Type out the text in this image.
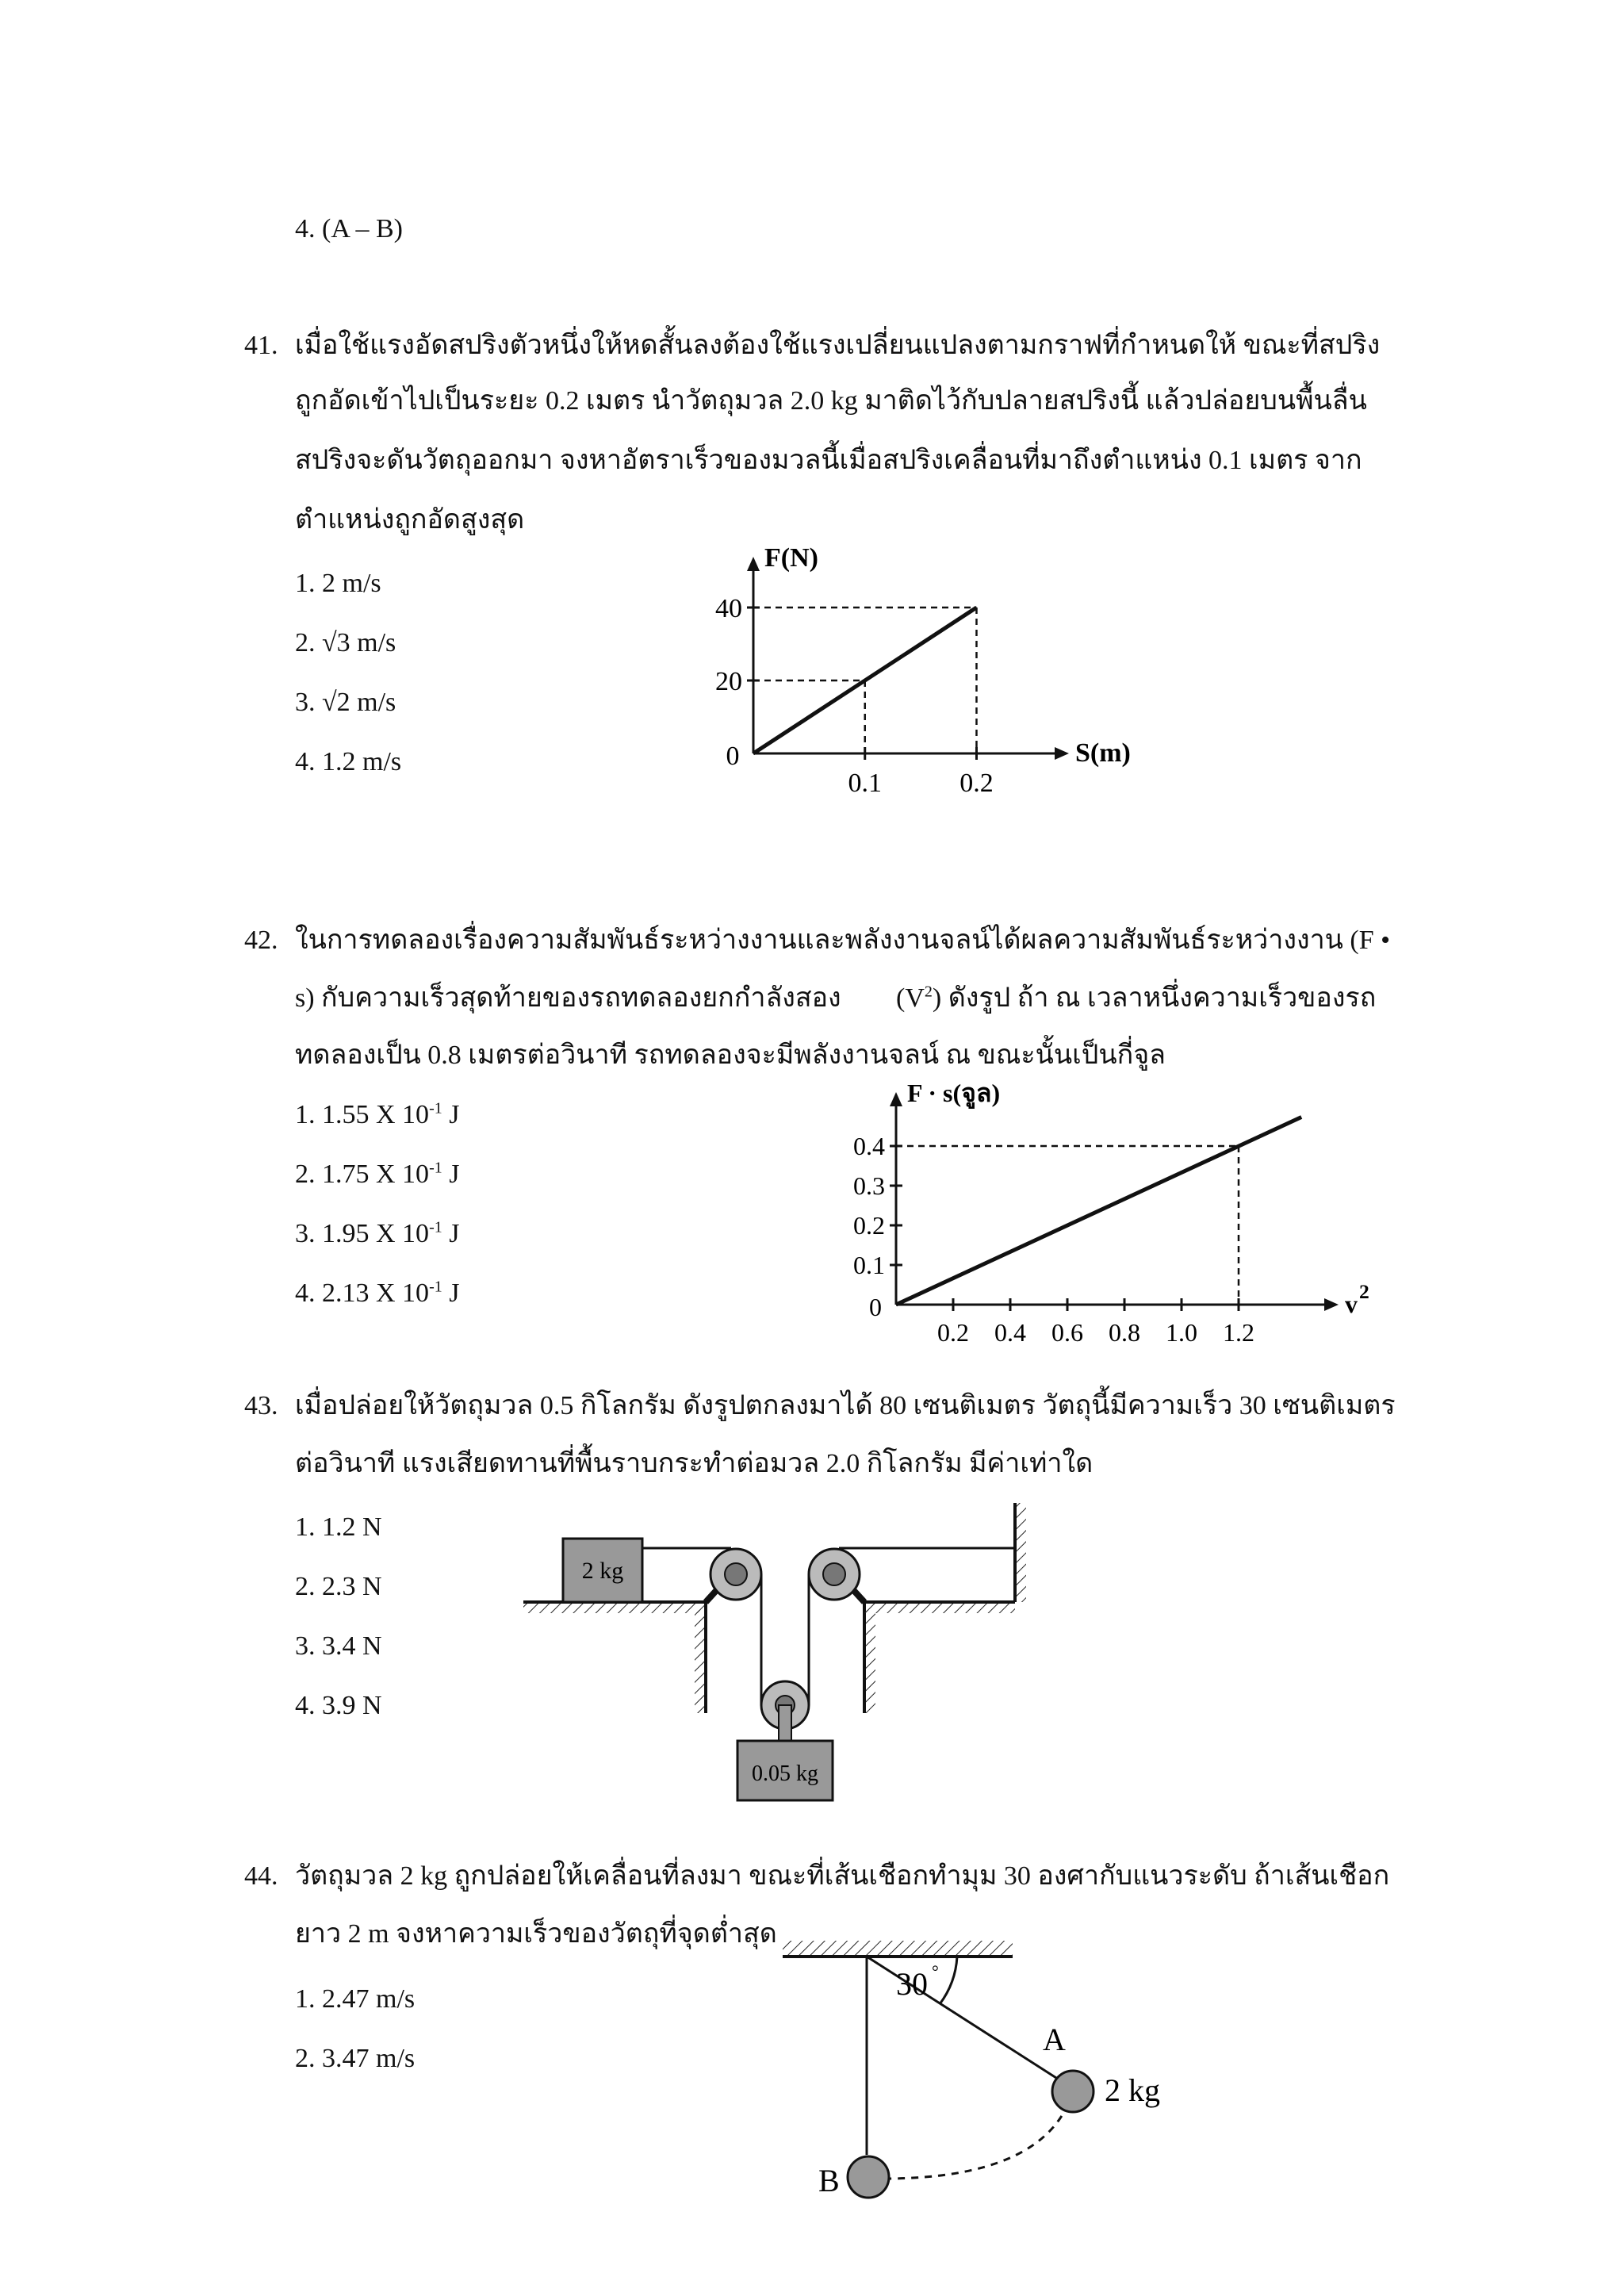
4. (A – B)
41. เมื่อใช้แรงอัดสปริงตัวหนึ่งให้หดสั้นลงต้องใช้แรงเปลี่ยนแปลงตามกราฟที่กำหนดให้ ขณะที่สปริง
ถูกอัดเข้าไปเป็นระยะ 0.2 เมตร นำวัตถุมวล 2.0 kg มาติดไว้กับปลายสปริงนี้ แล้วปล่อยบนพื้นลื่น
สปริงจะดันวัตถุออกมา จงหาอัตราเร็วของมวลนี้เมื่อสปริงเคลื่อนที่มาถึงตำแหน่ง 0.1 เมตร จาก
ตำแหน่งถูกอัดสูงสุด
1. 2 m/s
2. √3 m/s
3. √2 m/s
4. 1.2 m/s
F(N)
S(m)
0
0.1	0.2
20
40
42. ในการทดลองเรื่องความสัมพันธ์ระหว่างงานและพลังงานจลน์ได้ผลความสัมพันธ์ระหว่างงาน (F •
s) กับความเร็วสุดท้ายของรถทดลองยกกำลังสอง $(V^2)$ ดังรูป ถ้า ณ เวลาหนึ่งความเร็วของรถ
ทดลองเป็น 0.8 เมตรต่อวินาที รถทดลองจะมีพลังงานจลน์ ณ ขณะนั้นเป็นกี่จูล
1. 1.55 X $10^{-1}$ J
2. 1.75 X $10^{-1}$ J
3. 1.95 X $10^{-1}$ J
4. 2.13 X $10^{-1}$ J
F · s(จูล)
v 2
0
0.2 0.4 0.6 0.8 1.0 1.2
0.1
0.2
0.3
0.4
43. เมื่อปล่อยให้วัตถุมวล 0.5 กิโลกรัม ดังรูปตกลงมาได้ 80 เซนติเมตร วัตถุนี้มีความเร็ว 30 เซนติเมตร
ต่อวินาที แรงเสียดทานที่พื้นราบกระทำต่อมวล 2.0 กิโลกรัม มีค่าเท่าใด
1. 1.2 N
2. 2.3 N
3. 3.4 N
4. 3.9 N
2 kg
0.05 kg
44. วัตถุมวล 2 kg ถูกปล่อยให้เคลื่อนที่ลงมา ขณะที่เส้นเชือกทำมุม 30 องศากับแนวระดับ ถ้าเส้นเชือก
ยาว 2 m จงหาความเร็วของวัตถุที่จุดต่ำสุด
1. 2.47 m/s
2. 3.47 m/s
30 °
A
2 kg
B
